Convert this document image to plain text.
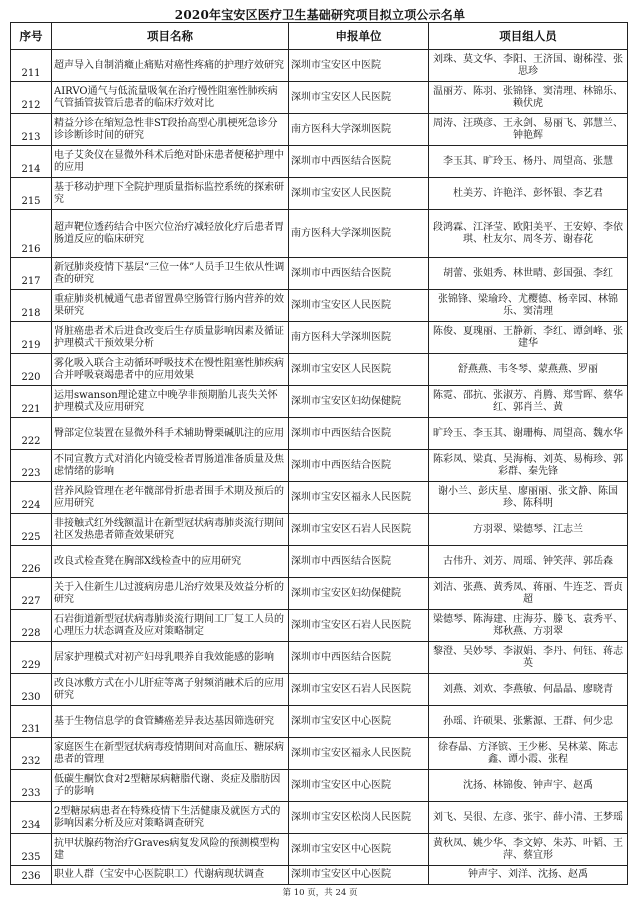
2020年宝安区医疗卫生基础研究项目拟立项公示名单
序号	项目名称	申报单位	项目组人员
211	超声导入自制消癥止痛贴对癌性疼痛的护理疗效研究	深圳市宝安区中医院	刘珠、莫文华、李阳、王济国、谢秭滢、张思珍
212	AIRVO通气与低流量吸氧在治疗慢性阻塞性肺疾病气管插管拔管后患者的临床疗效对比	深圳市宝安区人民医院	温丽芳、陈羽、张锦锋、窦清理、林锦乐、赖伏虎
213	精益分诊在缩短急性非ST段抬高型心肌梗死急诊分诊诊断诊时间的研究	南方医科大学深圳医院	周涛、汪瑛彦、王永剑、易丽飞、郭慧兰、钟艳辉
214	电子艾灸仪在显微外科术后绝对卧床患者便秘护理中的应用	深圳市中西医结合医院	李玉其、旷玲玉、杨丹、周望高、张慧
215	基于移动护理下全院护理质量指标监控系统的探索研究	深圳市宝安区人民医院	杜美芳、许艳洋、彭怀银、李艺君
216	超声靶位透药结合中医穴位治疗减轻放化疗后患者胃肠道反应的临床研究	南方医科大学深圳医院	段鸿霖、江泽莹、欧阳美平、王安婷、李依琪、杜友尔、周冬芳、谢春花
217	新冠肺炎疫情下基层“三位一体”人员手卫生依从性调查的研究	深圳市中西医结合医院	胡蕾、张姐秀、林世晴、彭国强、李红
218	重症肺炎机械通气患者留置鼻空肠管行肠内营养的效果研究	深圳市宝安区人民医院	张锦锋、梁瑜玲、尤樱德、杨幸园、林锦乐、窦清理
219	肾脏癌患者术后进食改变后生存质量影响因素及循证护理模式干预效果分析	南方医科大学深圳医院	陈俊、夏瑰丽、王静新、李红、谭剑峰、张建华
220	雾化吸入联合主动循环呼吸技术在慢性阻塞性肺疾病合并呼吸衰竭患者中的应用效果	深圳市宝安区人民医院	舒燕燕、韦冬琴、蒙燕燕、罗丽
221	运用swanson理论建立中晚孕非预期胎儿丧失关怀护理模式及应用研究	深圳市宝安区妇幼保健院	陈霓、邵抗、张淑芳、肖腾、郑雪晖、蔡华红、郭肖兰、黄
222	臀部定位装置在显微外科手术辅助臀栗碱肌注的应用	深圳市中西医结合医院	旷玲玉、李玉其、谢珊梅、周望高、魏水华
223	不同宣教方式对消化内镜受检者胃肠道准备质量及焦虑情绪的影响	深圳市中西医结合医院	陈彩凤、梁真、吴海梅、刘英、易梅珍、郭彩群、秦先锋
224	营养风险管理在老年髋部骨折患者围手术期及预后的应用研究	深圳市宝安区福永人民医院	谢小兰、彭庆星、廖丽丽、张文静、陈国珍、陈科明
225	非接触式红外线额温计在新型冠状病毒肺炎流行期间社区发热患者筛查效果研究	深圳市宝安区石岩人民医院	方羽翠、梁德琴、江志兰
226	改良式检查凳在胸部X线检查中的应用研究	深圳市中西医结合医院	古伟升、刘芳、周瑶、钟笑萍、郭岳森
227	关于入住新生儿过渡病房患儿治疗效果及效益分析的研究	深圳市宝安区妇幼保健院	刘洁、张燕、黄秀凤、蒋丽、牛连芝、晋贞超
228	石岩街道新型冠状病毒肺炎流行期间工厂复工人员的心理压力状态调查及应对策略制定	深圳市宝安区石岩人民医院	梁德琴、陈海建、庄海芬、滕飞、袁秀平、郑秋燕、方羽翠
229	居家护理模式对初产妇母乳喂养自我效能感的影响	深圳市中西医结合医院	黎澄、吴妙琴、李淑娟、李丹、何钰、蒋志英
230	改良冰敷方式在小儿肝症等离子射频消融术后的应用研究	深圳市宝安区石岩人民医院	刘燕、刘欢、李燕敏、何晶晶、廖晓青
231	基于生物信息学的食管鳞癌差异表达基因筛选研究	深圳市宝安区中心医院	孙瑶、许硕果、张紫源、王群、何少忠
232	家庭医生在新型冠状病毒疫情期间对高血压、糖尿病患者的管理	深圳市宝安区福永人民医院	徐春晶、方泽镔、王少彬、吴林菜、陈志鑫、谭小霞、张程
233	低碳生酮饮食对2型糖尿病糖脂代谢、炎症及脂肪因子的影响	深圳市宝安区中心医院	沈扬、林锦俊、钟声宇、赵禹
234	2型糖尿病患者在特殊疫情下生活健康及就医方式的影响因素分析及应对策略调查研究	深圳市宝安区松岗人民医院	刘飞、吴很、左彦、张宇、薛小清、王梦瑶
235	抗甲状腺药物治疗Graves病复发风险的预测模型构建	深圳市宝安区中心医院	黄秋凤、姚少华、李文婷、朱苏、叶韬、王萍、蔡宜形
236	职业人群（宝安中心医院职工）代谢病现状调查	深圳市宝安区中心医院	钟声宇、刘洋、沈扬、赵禹
第 10 页，共 24 页
